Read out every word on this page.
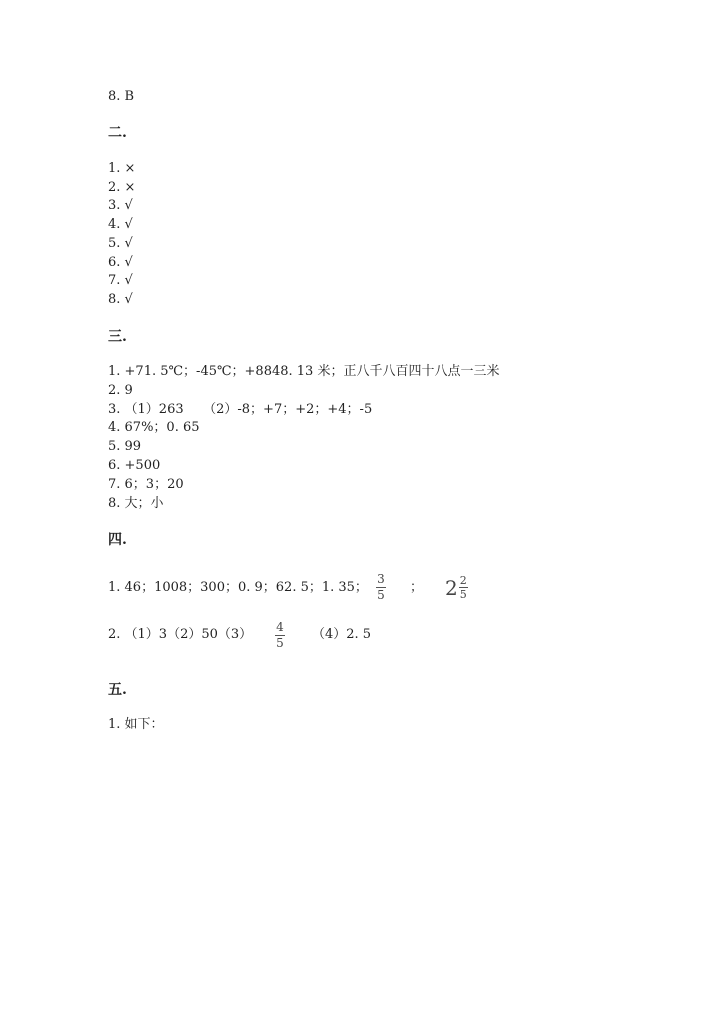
8. B
二.
1. ×
2. ×
3. √
4. √
5. √
6. √
7. √
8. √
三.
1. +71. 5℃；-45℃；+8848. 13 米；正八千八百四十八点一三米
2. 9
3. （1）263　　（2）-8；+7；+2；+4；-5
4. 67%；0. 65
5. 99
6. +500
7. 6；3；20
8. 大；小
四.
1. 46；1008；300；0. 9；62. 5；1. 35；
3
5 ； 2 2
5
2. （1）3（2）50（3） 4
5
（4）2. 5
五.
1. 如下：
